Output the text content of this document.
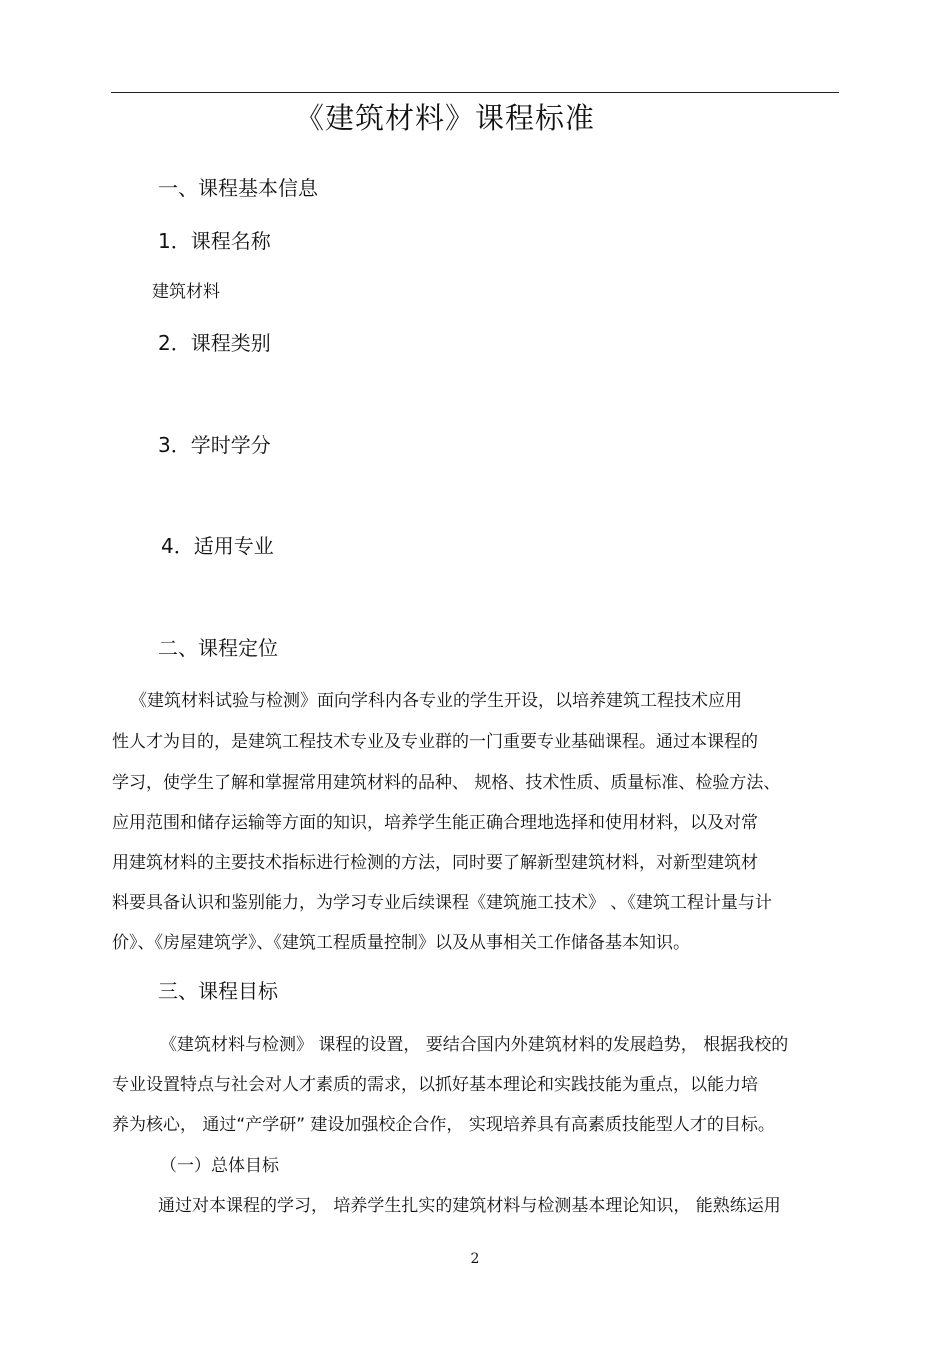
《建筑材料》课程标准
一、课程基本信息
1．课程名称
建筑材料
2．课程类别
3．学时学分
4．适用专业
二、课程定位
《建筑材料试验与检测》面向学科内各专业的学生开设，以培养建筑工程技术应用
性人才为目的，是建筑工程技术专业及专业群的一门重要专业基础课程。通过本课程的
学习，使学生了解和掌握常用建筑材料的品种、 规格、技术性质、质量标准、检验方法、
应用范围和储存运输等方面的知识，培养学生能正确合理地选择和使用材料，以及对常
用建筑材料的主要技术指标进行检测的方法，同时要了解新型建筑材料，对新型建筑材
料要具备认识和鉴别能力，为学习专业后续课程《建筑施工技术》 、《建筑工程计量与计
价》、《房屋建筑学》、《建筑工程质量控制》以及从事相关工作储备基本知识。
三、课程目标
《建筑材料与检测》 课程的设置， 要结合国内外建筑材料的发展趋势， 根据我校的
专业设置特点与社会对人才素质的需求，以抓好基本理论和实践技能为重点，以能力培
养为核心， 通过“产学研” 建设加强校企合作， 实现培养具有高素质技能型人才的目标。
（一）总体目标
通过对本课程的学习， 培养学生扎实的建筑材料与检测基本理论知识， 能熟练运用
2
